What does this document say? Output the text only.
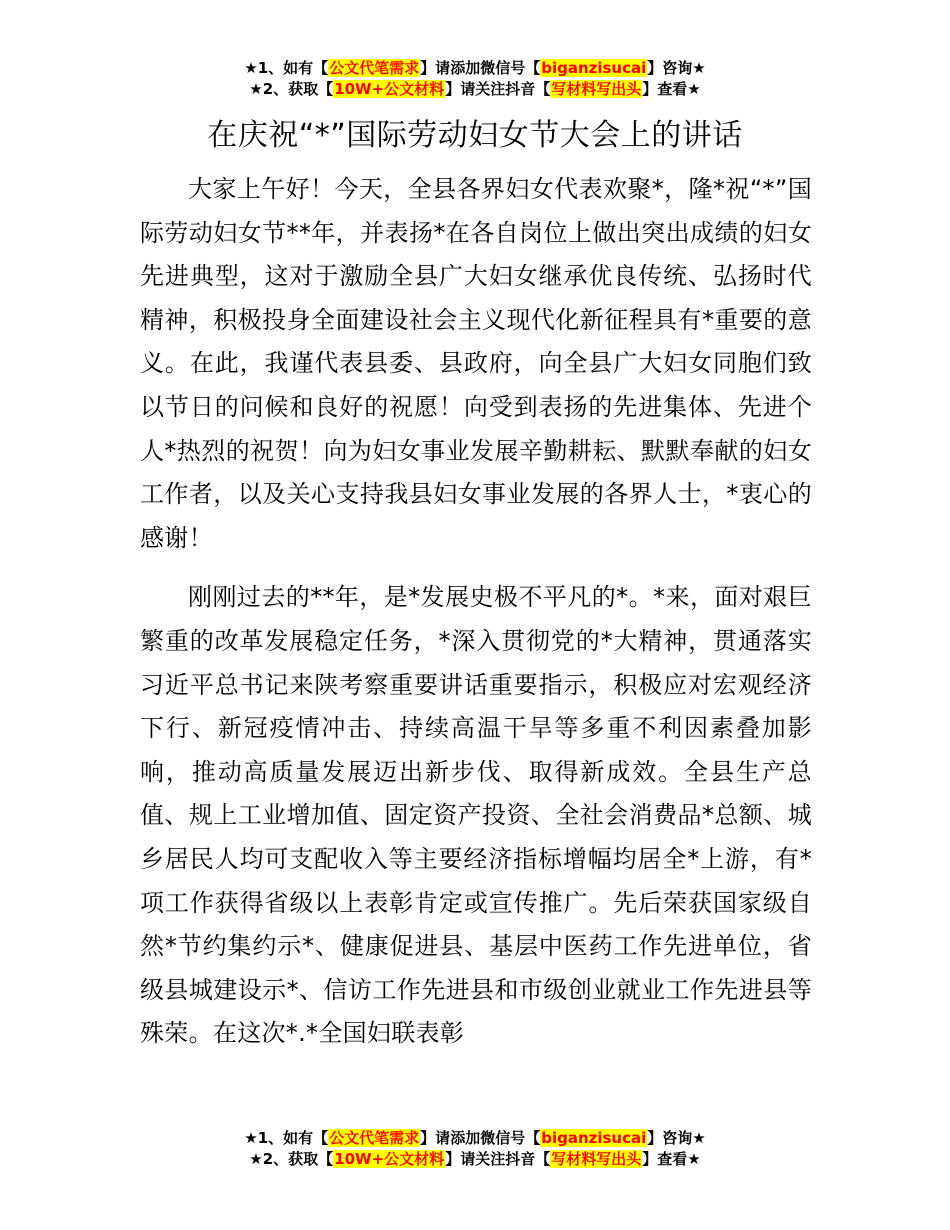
★1、如有【公文代笔需求】请添加微信号【biganzisucai】咨询★
★2、获取【10W+公文材料】请关注抖音【写材料写出头】查看★
在庆祝“*”国际劳动妇女节大会上的讲话

大家上午好！今天，全县各界妇女代表欢聚*，隆*祝“*”国际劳动妇女节**年，并表扬*在各自岗位上做出突出成绩的妇女先进典型，这对于激励全县广大妇女继承优良传统、弘扬时代精神，积极投身全面建设社会主义现代化新征程具有*重要的意义。在此，我谨代表县委、县政府，向全县广大妇女同胞们致以节日的问候和良好的祝愿！向受到表扬的先进集体、先进个人*热烈的祝贺！向为妇女事业发展辛勤耕耘、默默奉献的妇女工作者，以及关心支持我县妇女事业发展的各界人士，*衷心的感谢！

刚刚过去的**年，是*发展史极不平凡的*。*来，面对艰巨繁重的改革发展稳定任务，*深入贯彻党的*大精神，贯通落实习近平总书记来陕考察重要讲话重要指示，积极应对宏观经济下行、新冠疫情冲击、持续高温干旱等多重不利因素叠加影响，推动高质量发展迈出新步伐、取得新成效。全县生产总值、规上工业增加值、固定资产投资、全社会消费品*总额、城乡居民人均可支配收入等主要经济指标增幅均居全*上游，有*项工作获得省级以上表彰肯定或宣传推广。先后荣获国家级自然*节约集约示*、健康促进县、基层中医药工作先进单位，省级县城建设示*、信访工作先进县和市级创业就业工作先进县等殊荣。在这次*.*全国妇联表彰

★1、如有【公文代笔需求】请添加微信号【biganzisucai】咨询★
★2、获取【10W+公文材料】请关注抖音【写材料写出头】查看★
